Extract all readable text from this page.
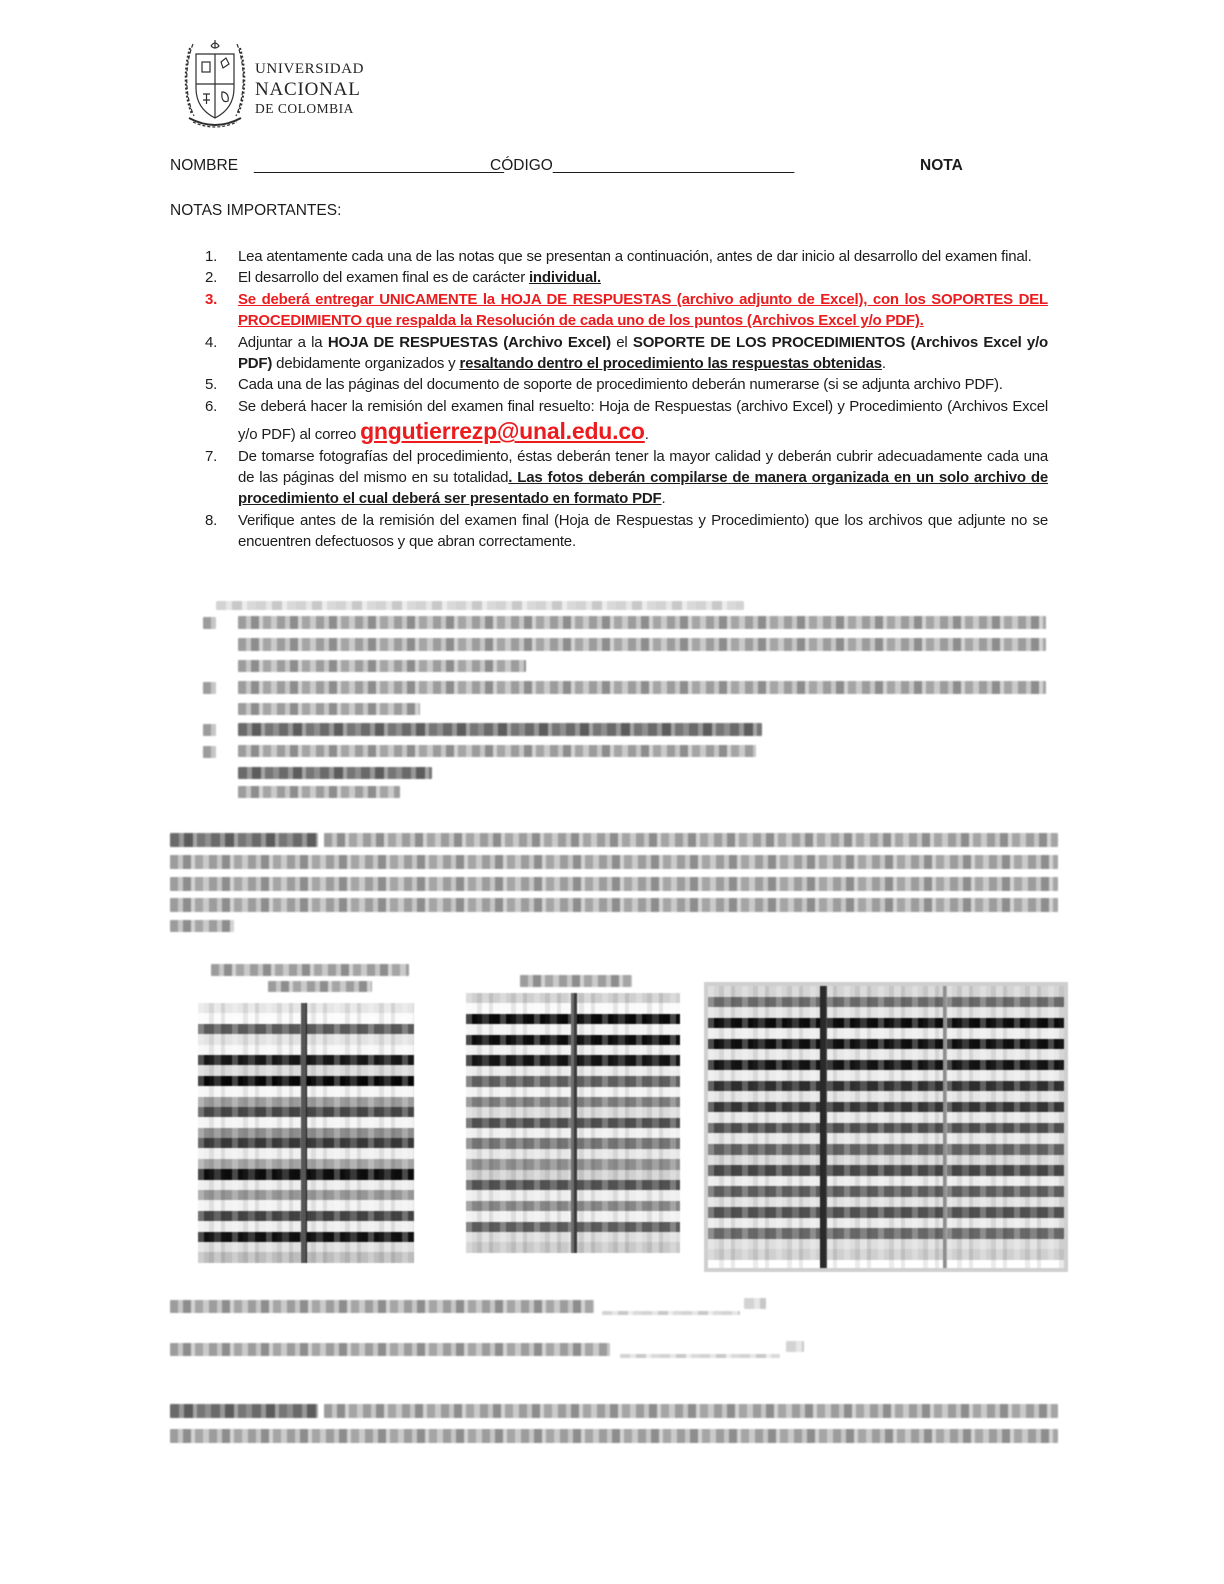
UNIVERSIDAD
NACIONAL
DE COLOMBIA
NOMBRE _____________________________
CÓDIGO____________________________	NOTA
NOTAS IMPORTANTES:
1.	Lea atentamente cada una de las notas que se presentan a continuación, antes de dar inicio al desarrollo del examen final.
2.	El desarrollo del examen final es de carácter individual.
3.	Se deberá entregar UNICAMENTE la HOJA DE RESPUESTAS (archivo adjunto de Excel), con los SOPORTES DEL PROCEDIMIENTO que respalda la Resolución de cada uno de los puntos (Archivos Excel y/o PDF).
4.	Adjuntar a la HOJA DE RESPUESTAS (Archivo Excel) el SOPORTE DE LOS PROCEDIMIENTOS (Archivos Excel y/o PDF) debidamente organizados y resaltando dentro el procedimiento las respuestas obtenidas.
5.	Cada una de las páginas del documento de soporte de procedimiento deberán numerarse (si se adjunta archivo PDF).
6.	Se deberá hacer la remisión del examen final resuelto: Hoja de Respuestas (archivo Excel) y Procedimiento (Archivos Excel y/o PDF) al correo gngutierrezp@unal.edu.co.
7.	De tomarse fotografías del procedimiento, éstas deberán tener la mayor calidad y deberán cubrir adecuadamente cada una de las páginas del mismo en su totalidad. Las fotos deberán compilarse de manera organizada en un solo archivo de procedimiento el cual deberá ser presentado en formato PDF.
8.	Verifique antes de la remisión del examen final (Hoja de Respuestas y Procedimiento) que los archivos que adjunte no se encuentren defectuosos y que abran correctamente.
